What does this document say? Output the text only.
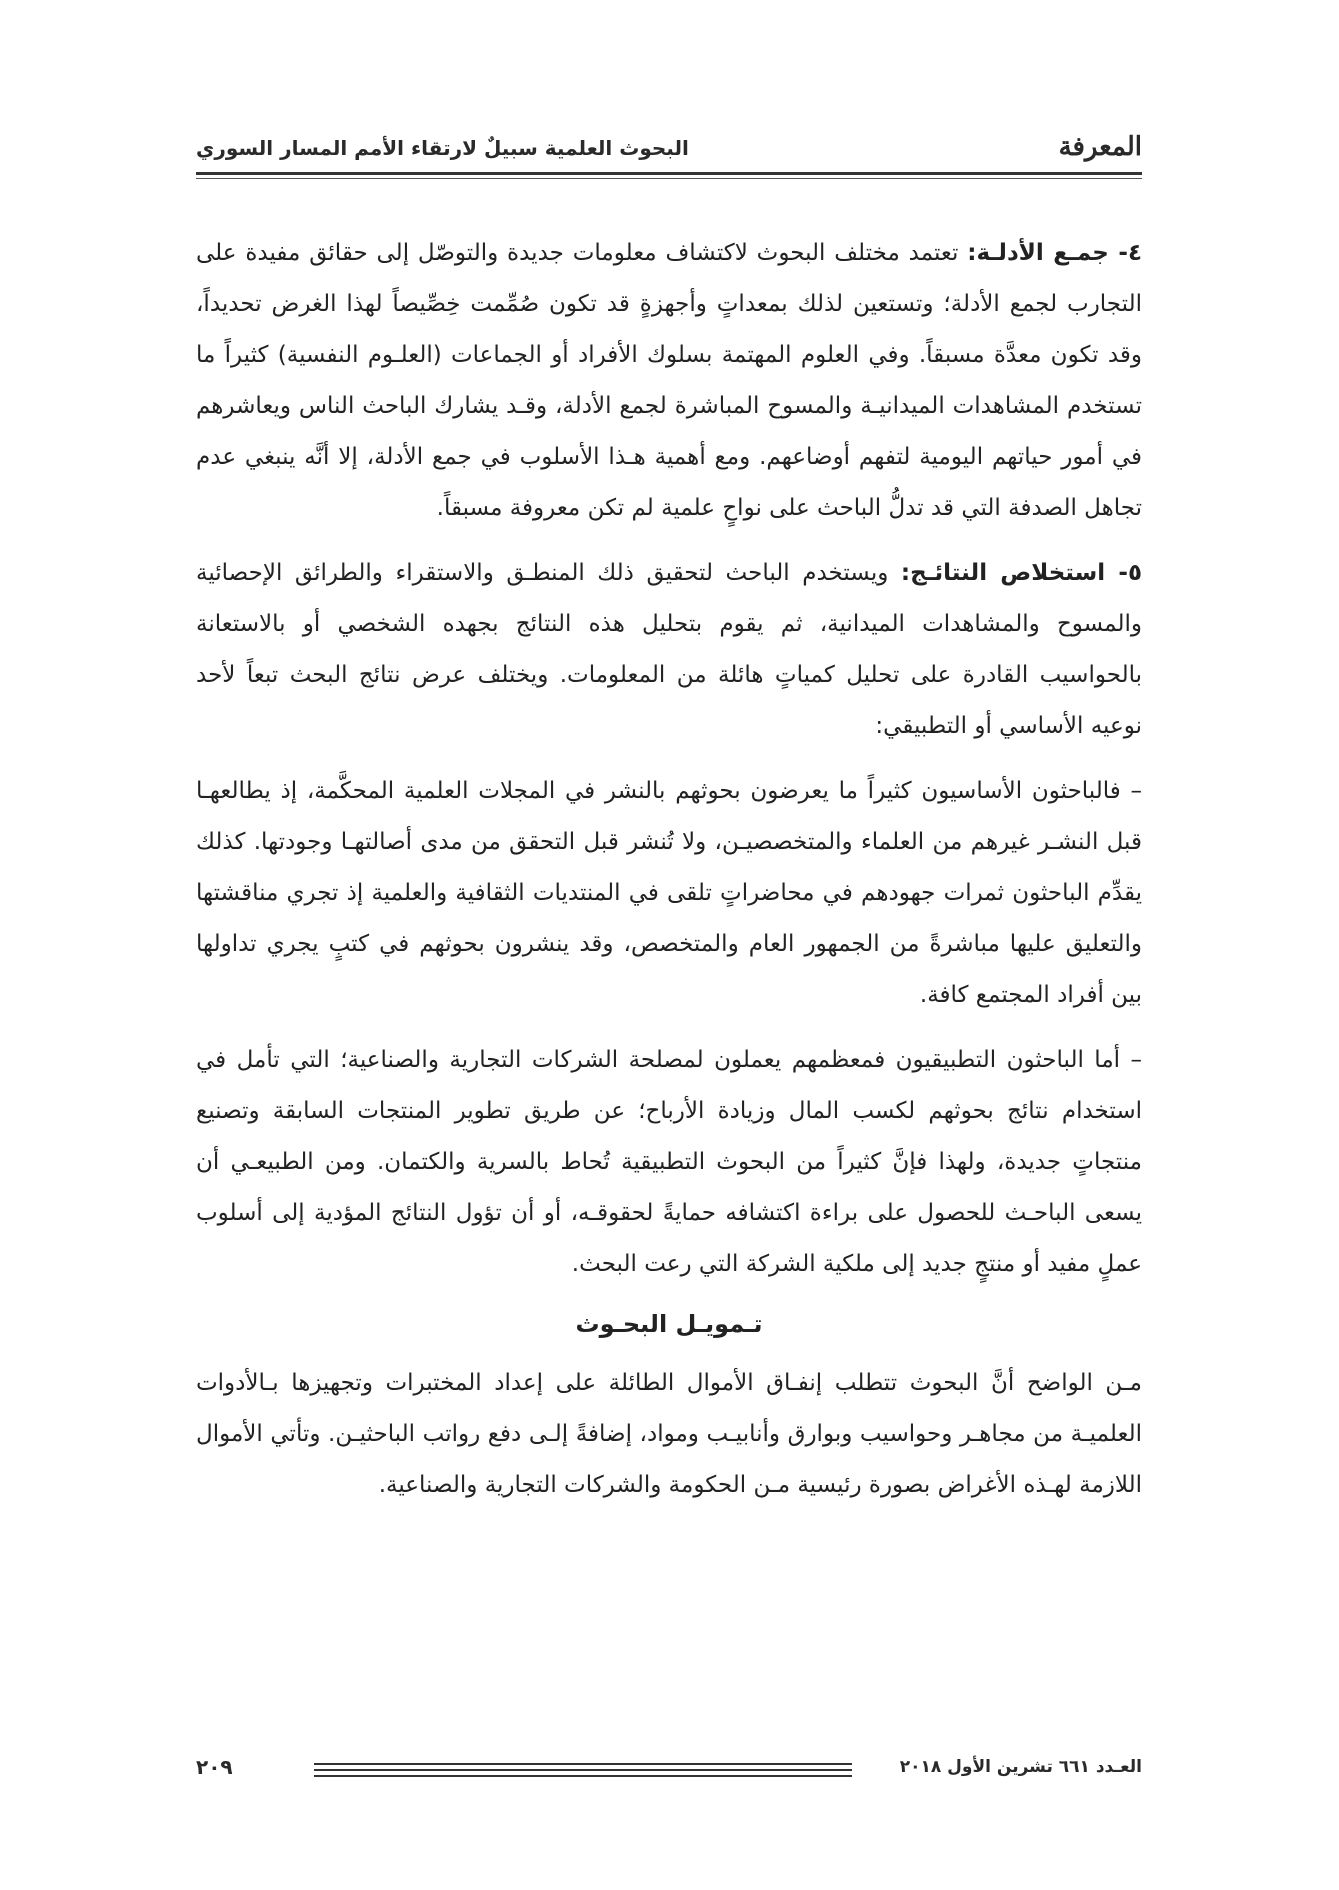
المعرفة
البحوث العلمية سبيلٌ لارتقاء الأمم المسار السوري

٤- جمـع الأدلـة: تعتمد مختلف البحوث لاكتشاف معلومات جديدة والتوصّل إلى حقائق مفيدة على التجارب لجمع الأدلة؛ وتستعين لذلك بمعداتٍ وأجهزةٍ قد تكون صُمِّمت خِصِّيصاً لهذا الغرض تحديداً، وقد تكون معدَّة مسبقاً. وفي العلوم المهتمة بسلوك الأفراد أو الجماعات (العلـوم النفسية) كثيراً ما تستخدم المشاهدات الميدانيـة والمسوح المباشرة لجمع الأدلة، وقـد يشارك الباحث الناس ويعاشرهم في أمور حياتهم اليومية لتفهم أوضاعهم. ومع أهمية هـذا الأسلوب في جمع الأدلة، إلا أنَّه ينبغي عدم تجاهل الصدفة التي قد تدلُّ الباحث على نواحٍ علمية لم تكن معروفة مسبقاً.

٥- استخلاص النتائـج: ويستخدم الباحث لتحقيق ذلك المنطـق والاستقراء والطرائق الإحصائية والمسوح والمشاهدات الميدانية، ثم يقوم بتحليل هذه النتائج بجهده الشخصي أو بالاستعانة بالحواسيب القادرة على تحليل كمياتٍ هائلة من المعلومات. ويختلف عرض نتائج البحث تبعاً لأحد نوعيه الأساسي أو التطبيقي:

– فالباحثون الأساسيون كثيراً ما يعرضون بحوثهم بالنشر في المجلات العلمية المحكَّمة، إذ يطالعهـا قبل النشـر غيرهم من العلماء والمتخصصيـن، ولا تُنشر قبل التحقق من مدى أصالتهـا وجودتها. كذلك يقدِّم الباحثون ثمرات جهودهم في محاضراتٍ تلقى في المنتديات الثقافية والعلمية إذ تجري مناقشتها والتعليق عليها مباشرةً من الجمهور العام والمتخصص، وقد ينشرون بحوثهم في كتبٍ يجري تداولها بين أفراد المجتمع كافة.

– أما الباحثون التطبيقيون فمعظمهم يعملون لمصلحة الشركات التجارية والصناعية؛ التي تأمل في استخدام نتائج بحوثهم لكسب المال وزيادة الأرباح؛ عن طريق تطوير المنتجات السابقة وتصنيع منتجاتٍ جديدة، ولهذا فإنَّ كثيراً من البحوث التطبيقية تُحاط بالسرية والكتمان. ومن الطبيعـي أن يسعى الباحـث للحصول على براءة اكتشافه حمايةً لحقوقـه، أو أن تؤول النتائج المؤدية إلى أسلوب عملٍ مفيد أو منتجٍ جديد إلى ملكية الشركة التي رعت البحث.

تـمويـل البحـوث

مـن الواضح أنَّ البحوث تتطلب إنفـاق الأموال الطائلة على إعداد المختبرات وتجهيزها بـالأدوات العلميـة من مجاهـر وحواسيب وبوارق وأنابيـب ومواد، إضافةً إلـى دفع رواتب الباحثيـن. وتأتي الأموال اللازمة لهـذه الأغراض بصورة رئيسية مـن الحكومة والشركات التجارية والصناعية.

العـدد ٦٦١ تشرين الأول ٢٠١٨
٢٠٩
